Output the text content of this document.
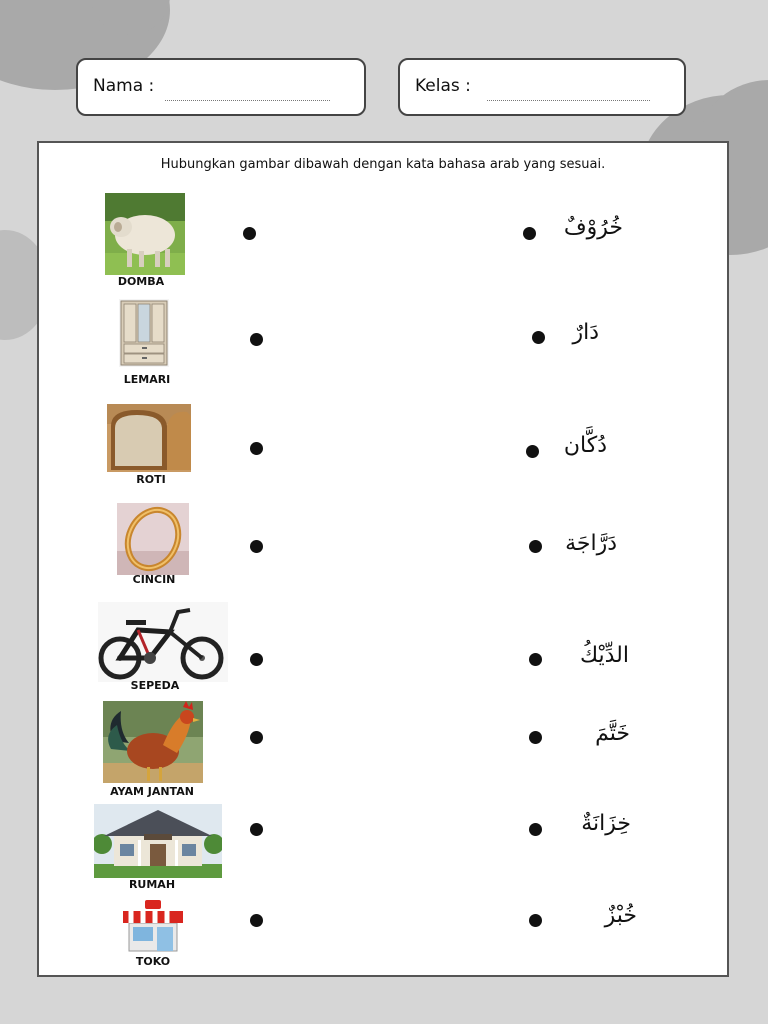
Nama :	Kelas :
Hubungkan gambar dibawah dengan kata bahasa arab yang sesuai.
DOMBA
LEMARI
ROTI
CINCIN
SEPEDA
AYAM JANTAN
RUMAH
TOKO
خُرُوْفٌ
دَارٌ
دُكَّان
دَرَّاجَة
الدِّيْكُ
خَتَّمَ
خِزَانَةٌ
خُبْزٌ
